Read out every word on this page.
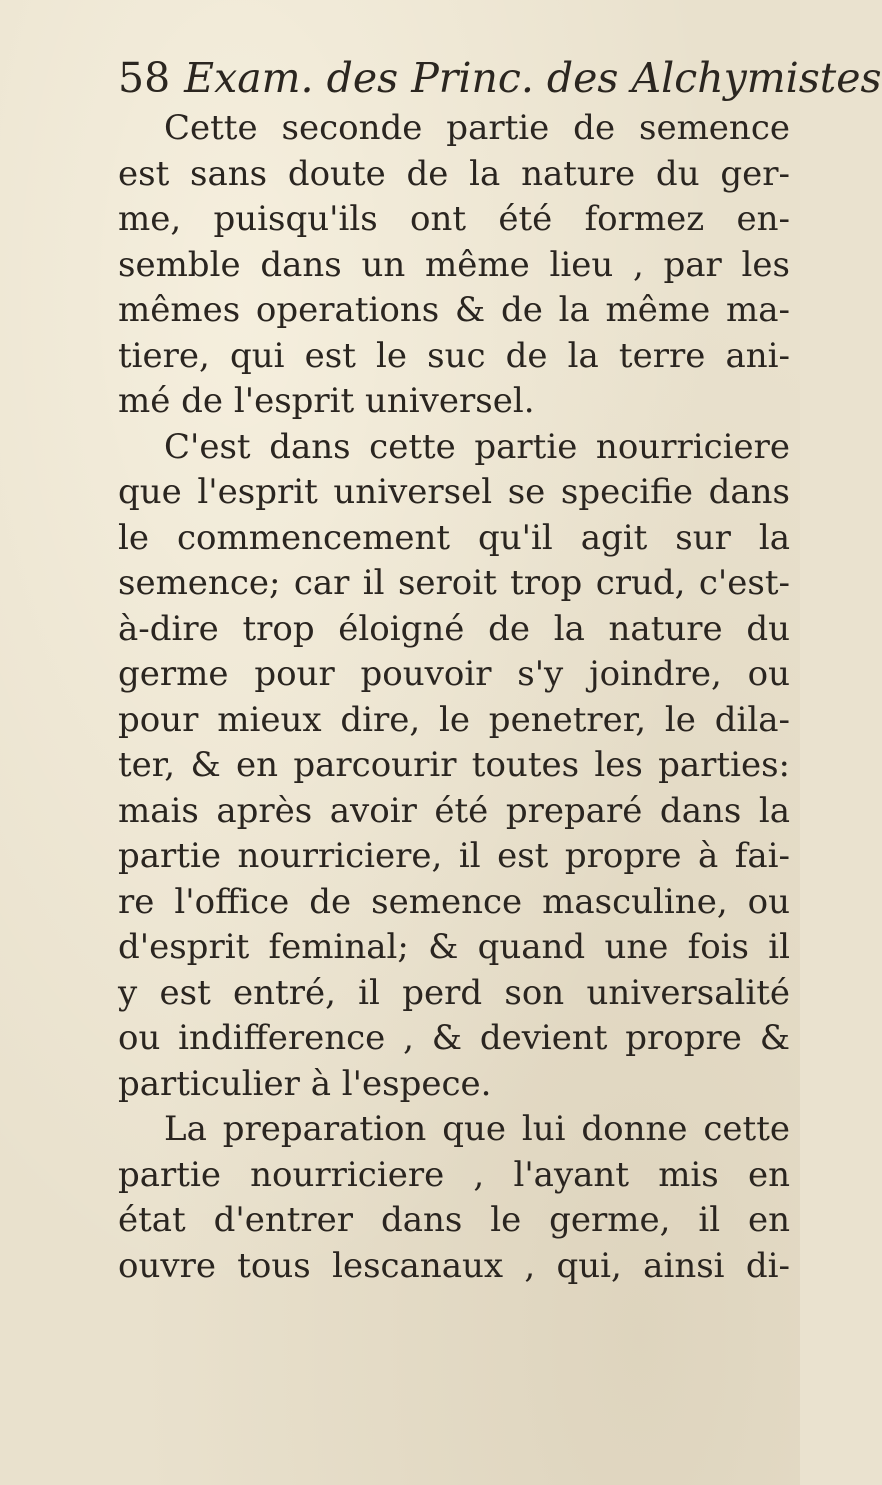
58 Exam. des Princ. des Alchymistes
Cette seconde partie de semence
est sans doute de la nature du ger-
me, puisqu'ils ont été formez en-
semble dans un même lieu , par les
mêmes operations & de la même ma-
tiere, qui est le suc de la terre ani-
mé de l'esprit universel.
C'est dans cette partie nourriciere
que l'esprit universel se specifie dans
le commencement qu'il agit sur la
semence; car il seroit trop crud, c'est-
à-dire trop éloigné de la nature du
germe pour pouvoir s'y joindre, ou
pour mieux dire, le penetrer, le dila-
ter, & en parcourir toutes les parties:
mais après avoir été preparé dans la
partie nourriciere, il est propre à fai-
re l'office de semence masculine, ou
d'esprit feminal; & quand une fois il
y est entré, il perd son universalité
ou indifference , & devient propre &
particulier à l'espece.
La preparation que lui donne cette
partie nourriciere , l'ayant mis en
état d'entrer dans le germe, il en
ouvre tous lescanaux , qui, ainsi di-
